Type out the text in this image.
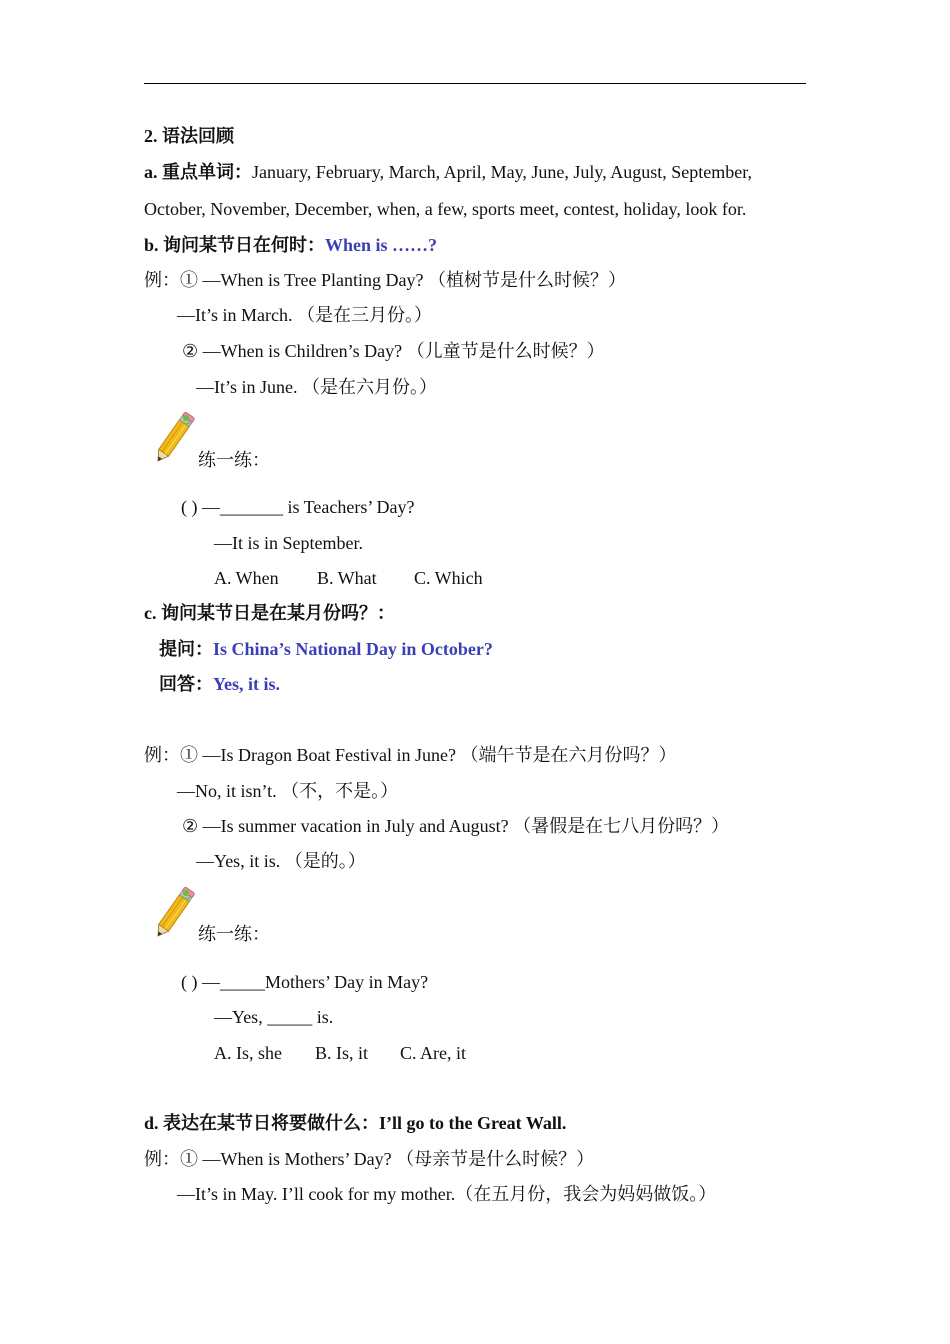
2. 语法回顾
a. 重点单词：January, February, March, April, May, June, July, August, September,
October, November, December, when, a few, sports meet, contest, holiday, look for.
b. 询问某节日在何时：When is ……?
例：① —When is Tree Planting Day? （植树节是什么时候？）
—It’s in March. （是在三月份。）
② —When is Children’s Day? （儿童节是什么时候？）
—It’s in June. （是在六月份。）
练一练：
( ) —_______ is Teachers’ Day?
—It is in September.
A. When B. What C. Which
c. 询问某节日是在某月份吗？：
提问：Is China’s National Day in October?
回答：Yes, it is.
例：① —Is Dragon Boat Festival in June? （端午节是在六月份吗？）
—No, it isn’t. （不，不是。）
② —Is summer vacation in July and August? （暑假是在七八月份吗？）
—Yes, it is. （是的。）
练一练：
( ) —_____Mothers’ Day in May?
—Yes, _____ is.
A. Is, she B. Is, it C. Are, it
d. 表达在某节日将要做什么：I’ll go to the Great Wall.
例：① —When is Mothers’ Day? （母亲节是什么时候？）
—It’s in May. I’ll cook for my mother.（在五月份，我会为妈妈做饭。）
